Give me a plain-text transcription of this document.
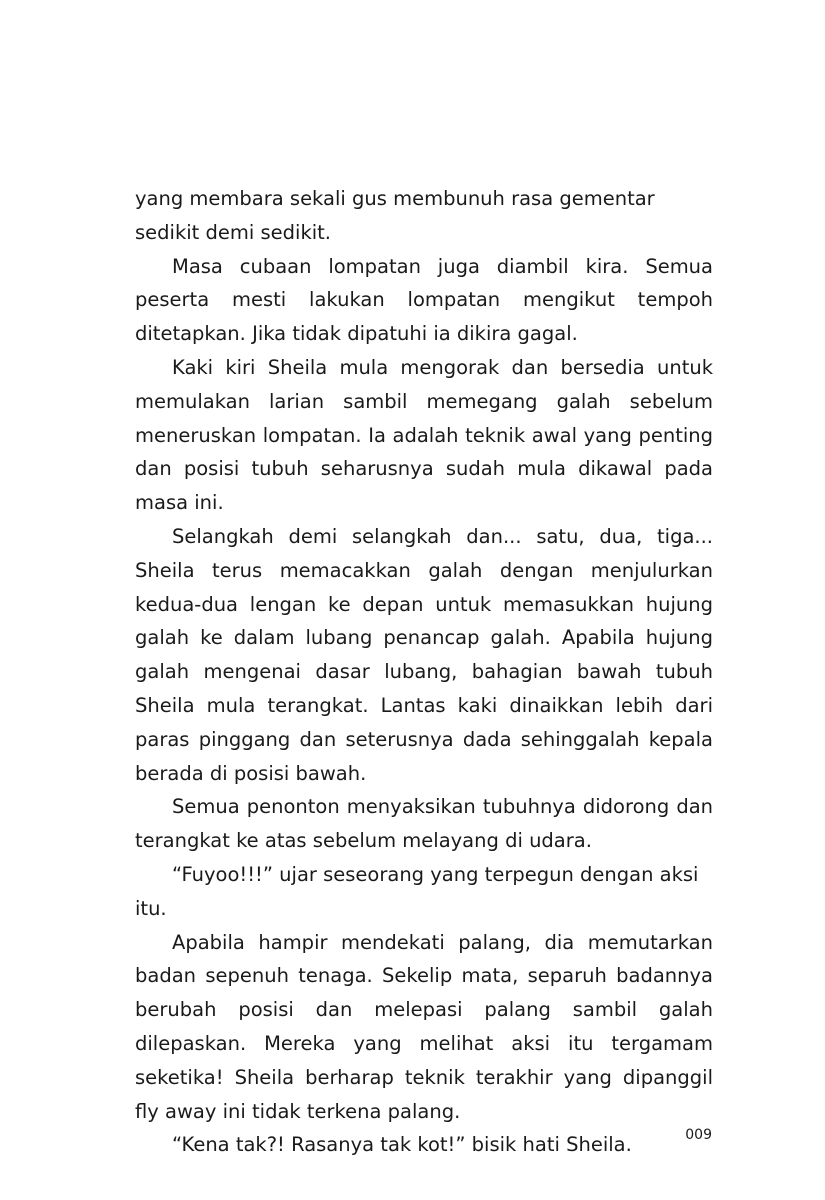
yang membara sekali gus membunuh rasa gementar sedikit demi sedikit.

Masa cubaan lompatan juga diambil kira. Semua peserta mesti lakukan lompatan mengikut tempoh ditetapkan. Jika tidak dipatuhi ia dikira gagal.

Kaki kiri Sheila mula mengorak dan bersedia untuk memulakan larian sambil memegang galah sebelum meneruskan lompatan. Ia adalah teknik awal yang penting dan posisi tubuh seharusnya sudah mula dikawal pada masa ini.

Selangkah demi selangkah dan... satu, dua, tiga... Sheila terus memacakkan galah dengan menjulurkan kedua-dua lengan ke depan untuk memasukkan hujung galah ke dalam lubang penancap galah. Apabila hujung galah mengenai dasar lubang, bahagian bawah tubuh Sheila mula terangkat. Lantas kaki dinaikkan lebih dari paras pinggang dan seterusnya dada sehinggalah kepala berada di posisi bawah.

Semua penonton menyaksikan tubuhnya didorong dan terangkat ke atas sebelum melayang di udara.

“Fuyoo!!!” ujar seseorang yang terpegun dengan aksi itu.

Apabila hampir mendekati palang, dia memutarkan badan sepenuh tenaga. Sekelip mata, separuh badannya berubah posisi dan melepasi palang sambil galah dilepaskan. Mereka yang melihat aksi itu tergamam seketika! Sheila berharap teknik terakhir yang dipanggil fly away ini tidak terkena palang.

“Kena tak?! Rasanya tak kot!” bisik hati Sheila.	009
